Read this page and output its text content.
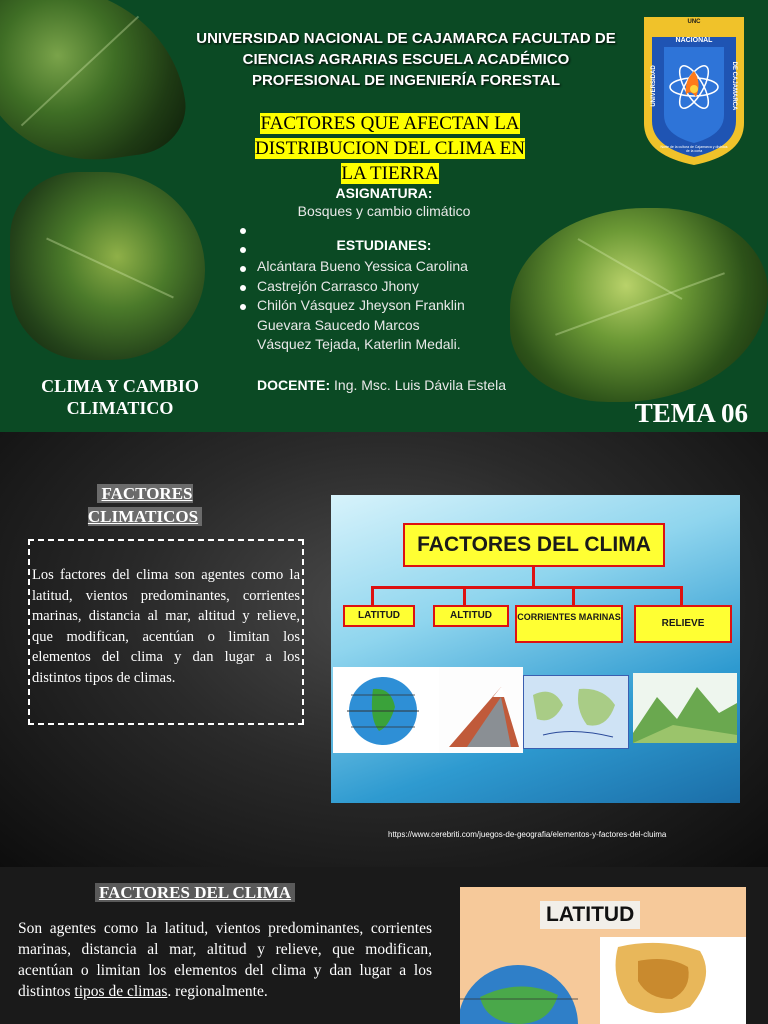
UNIVERSIDAD NACIONAL DE CAJAMARCA FACULTAD DE CIENCIAS AGRARIAS ESCUELA ACADÉMICO PROFESIONAL DE INGENIERÍA FORESTAL
FACTORES QUE AFECTAN LA DISTRIBUCION DEL CLIMA EN LA TIERRA
ASIGNATURA:
Bosques y cambio climático
ESTUDIANES:
Alcántara Bueno Yessica Carolina
Castrejón Carrasco Jhony
Chilón Vásquez Jheyson Franklin
Guevara Saucedo Marcos
Vásquez Tejada, Katerlin Medali.
DOCENTE: Ing. Msc. Luis Dávila Estela
UNC
NACIONAL
UNIVERSIDAD	DE CAJAMARCA
Norte de la cultura de Cajamarca y distritos de la corta
CLIMA Y CAMBIO CLIMATICO	TEMA 06
FACTORES CLIMATICOS
Los factores del clima son agentes como la latitud, vientos predominantes, corrientes marinas, distancia al mar, altitud y relieve, que modifican, acentúan o limitan los elementos del clima y dan lugar a los distintos tipos de climas.
FACTORES DEL CLIMA
LATITUD	ALTITUD	CORRIENTES MARINAS
RELIEVE
https://www.cerebriti.com/juegos-de-geografia/elementos-y-factores-del-cluima
FACTORES DEL CLIMA
Son agentes como la latitud, vientos predominantes, corrientes marinas, distancia al mar, altitud y relieve, que modifican, acentúan o limitan los elementos del clima y dan lugar a los distintos tipos de climas. regionalmente.
LATITUD
